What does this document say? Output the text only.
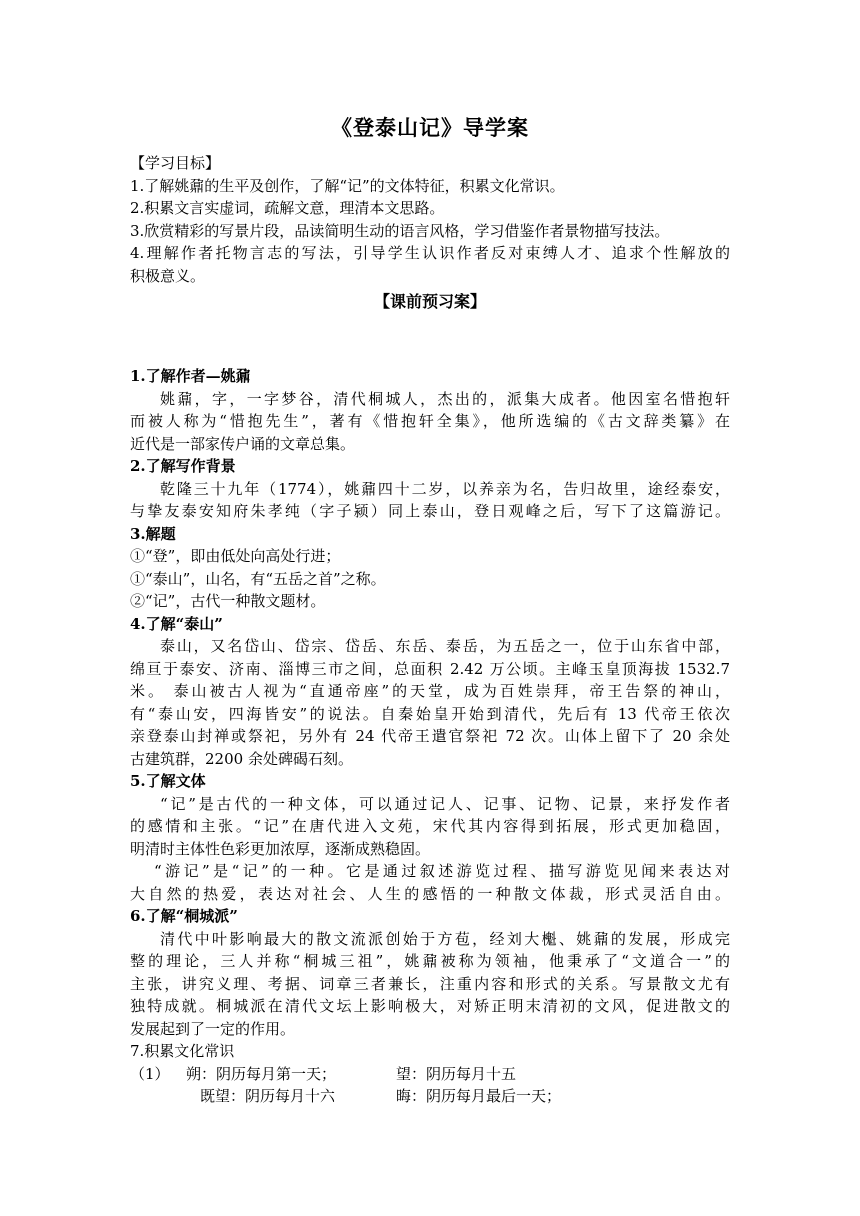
《登泰山记》导学案
【学习目标】
1.了解姚鼐的生平及创作，了解“记”的文体特征，积累文化常识。
2.积累文言实虚词，疏解文意，理清本文思路。
3.欣赏精彩的写景片段，品读简明生动的语言风格，学习借鉴作者景物描写技法。
4.理解作者托物言志的写法，引导学生认识作者反对束缚人才、追求个性解放的
积极意义。
【课前预习案】
1.了解作者—姚鼐
姚鼐，字，一字梦谷，清代桐城人，杰出的，派集大成者。他因室名惜抱轩
而被人称为“惜抱先生”，著有《惜抱轩全集》，他所选编的《古文辞类纂》在
近代是一部家传户诵的文章总集。
2.了解写作背景
乾隆三十九年（1774），姚鼐四十二岁，以养亲为名，告归故里，途经泰安，
与挚友泰安知府朱孝纯（字子颍）同上泰山，登日观峰之后，写下了这篇游记。
3.解题
①“登”，即由低处向高处行进；
①“泰山”，山名，有“五岳之首”之称。
②“记”，古代一种散文题材。
4.了解“泰山”
泰山，又名岱山、岱宗、岱岳、东岳、泰岳，为五岳之一，位于山东省中部，
绵亘于泰安、济南、淄博三市之间，总面积 2.42 万公顷。主峰玉皇顶海拔 1532.7
米。 泰山被古人视为“直通帝座”的天堂，成为百姓崇拜，帝王告祭的神山，
有“泰山安，四海皆安”的说法。自秦始皇开始到清代，先后有 13 代帝王依次
亲登泰山封禅或祭祀，另外有 24 代帝王遣官祭祀 72 次。山体上留下了 20 余处
古建筑群，2200 余处碑碣石刻。
5.了解文体
“记”是古代的一种文体，可以通过记人、记事、记物、记景，来抒发作者
的感情和主张。“记”在唐代进入文苑，宋代其内容得到拓展，形式更加稳固，
明清时主体性色彩更加浓厚，逐渐成熟稳固。
“游记”是“记”的一种。它是通过叙述游览过程、描写游览见闻来表达对
大自然的热爱，表达对社会、人生的感悟的一种散文体裁，形式灵活自由。
6.了解“桐城派”
清代中叶影响最大的散文流派创始于方苞，经刘大櫆、姚鼐的发展，形成完
整的理论，三人并称“桐城三祖”，姚鼐被称为领袖，他秉承了“文道合一”的
主张，讲究义理、考据、词章三者兼长，注重内容和形式的关系。写景散文尤有
独特成就。桐城派在清代文坛上影响极大，对矫正明末清初的文风，促进散文的
发展起到了一定的作用。
7.积累文化常识
（1） 朔：阴历每月第一天；	望：阴历每月十五
既望：阴历每月十六	晦：阴历每月最后一天；
